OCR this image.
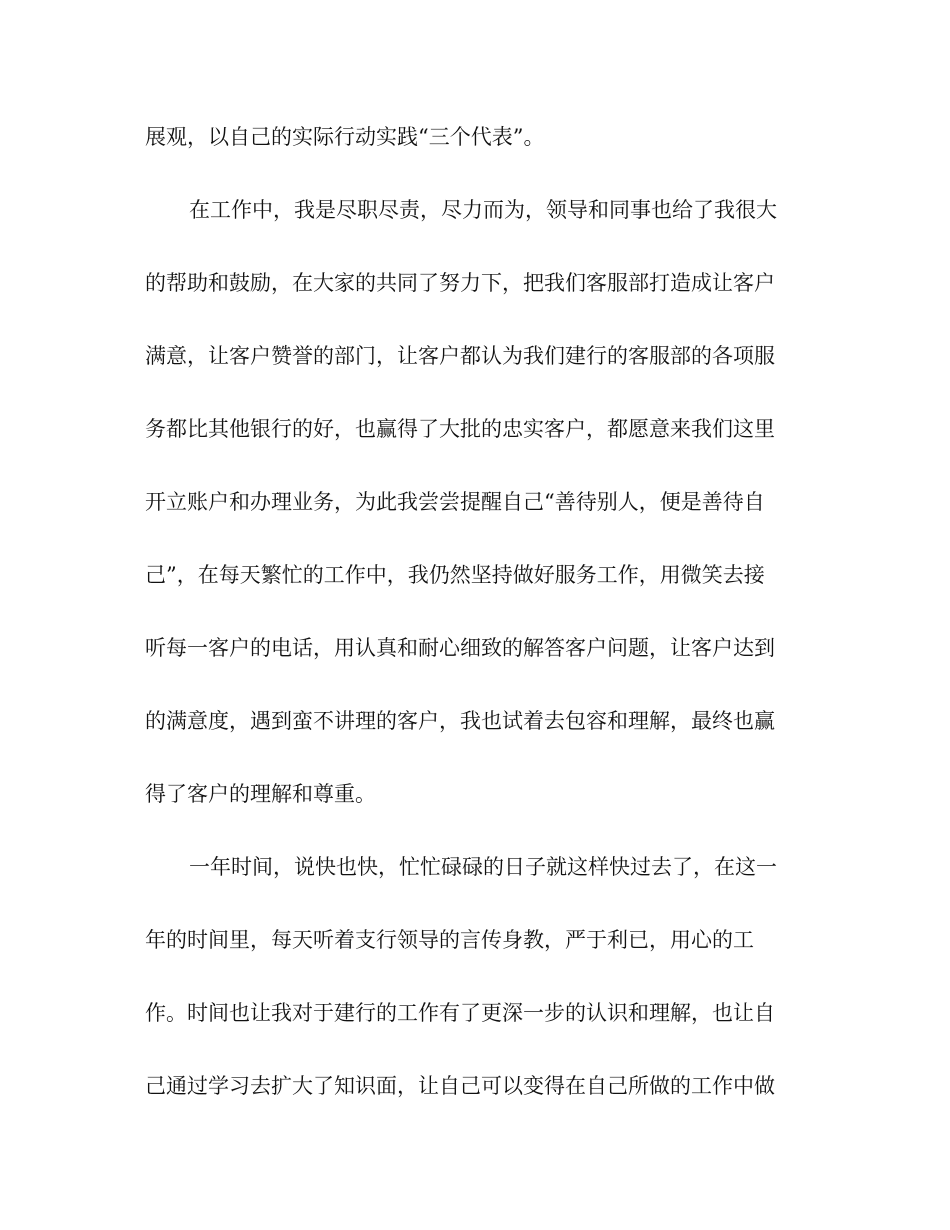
展观，以自己的实际行动实践“三个代表”。
在工作中，我是尽职尽责，尽力而为，领导和同事也给了我很大
的帮助和鼓励，在大家的共同了努力下，把我们客服部打造成让客户
满意，让客户赞誉的部门，让客户都认为我们建行的客服部的各项服
务都比其他银行的好，也赢得了大批的忠实客户，都愿意来我们这里
开立账户和办理业务，为此我尝尝提醒自己“善待别人，便是善待自
己”，在每天繁忙的工作中，我仍然坚持做好服务工作，用微笑去接
听每一客户的电话，用认真和耐心细致的解答客户问题，让客户达到
的满意度，遇到蛮不讲理的客户，我也试着去包容和理解，最终也赢
得了客户的理解和尊重。
一年时间，说快也快，忙忙碌碌的日子就这样快过去了，在这一
年的时间里，每天听着支行领导的言传身教，严于利已，用心的工
作。时间也让我对于建行的工作有了更深一步的认识和理解，也让自
己通过学习去扩大了知识面，让自己可以变得在自己所做的工作中做
